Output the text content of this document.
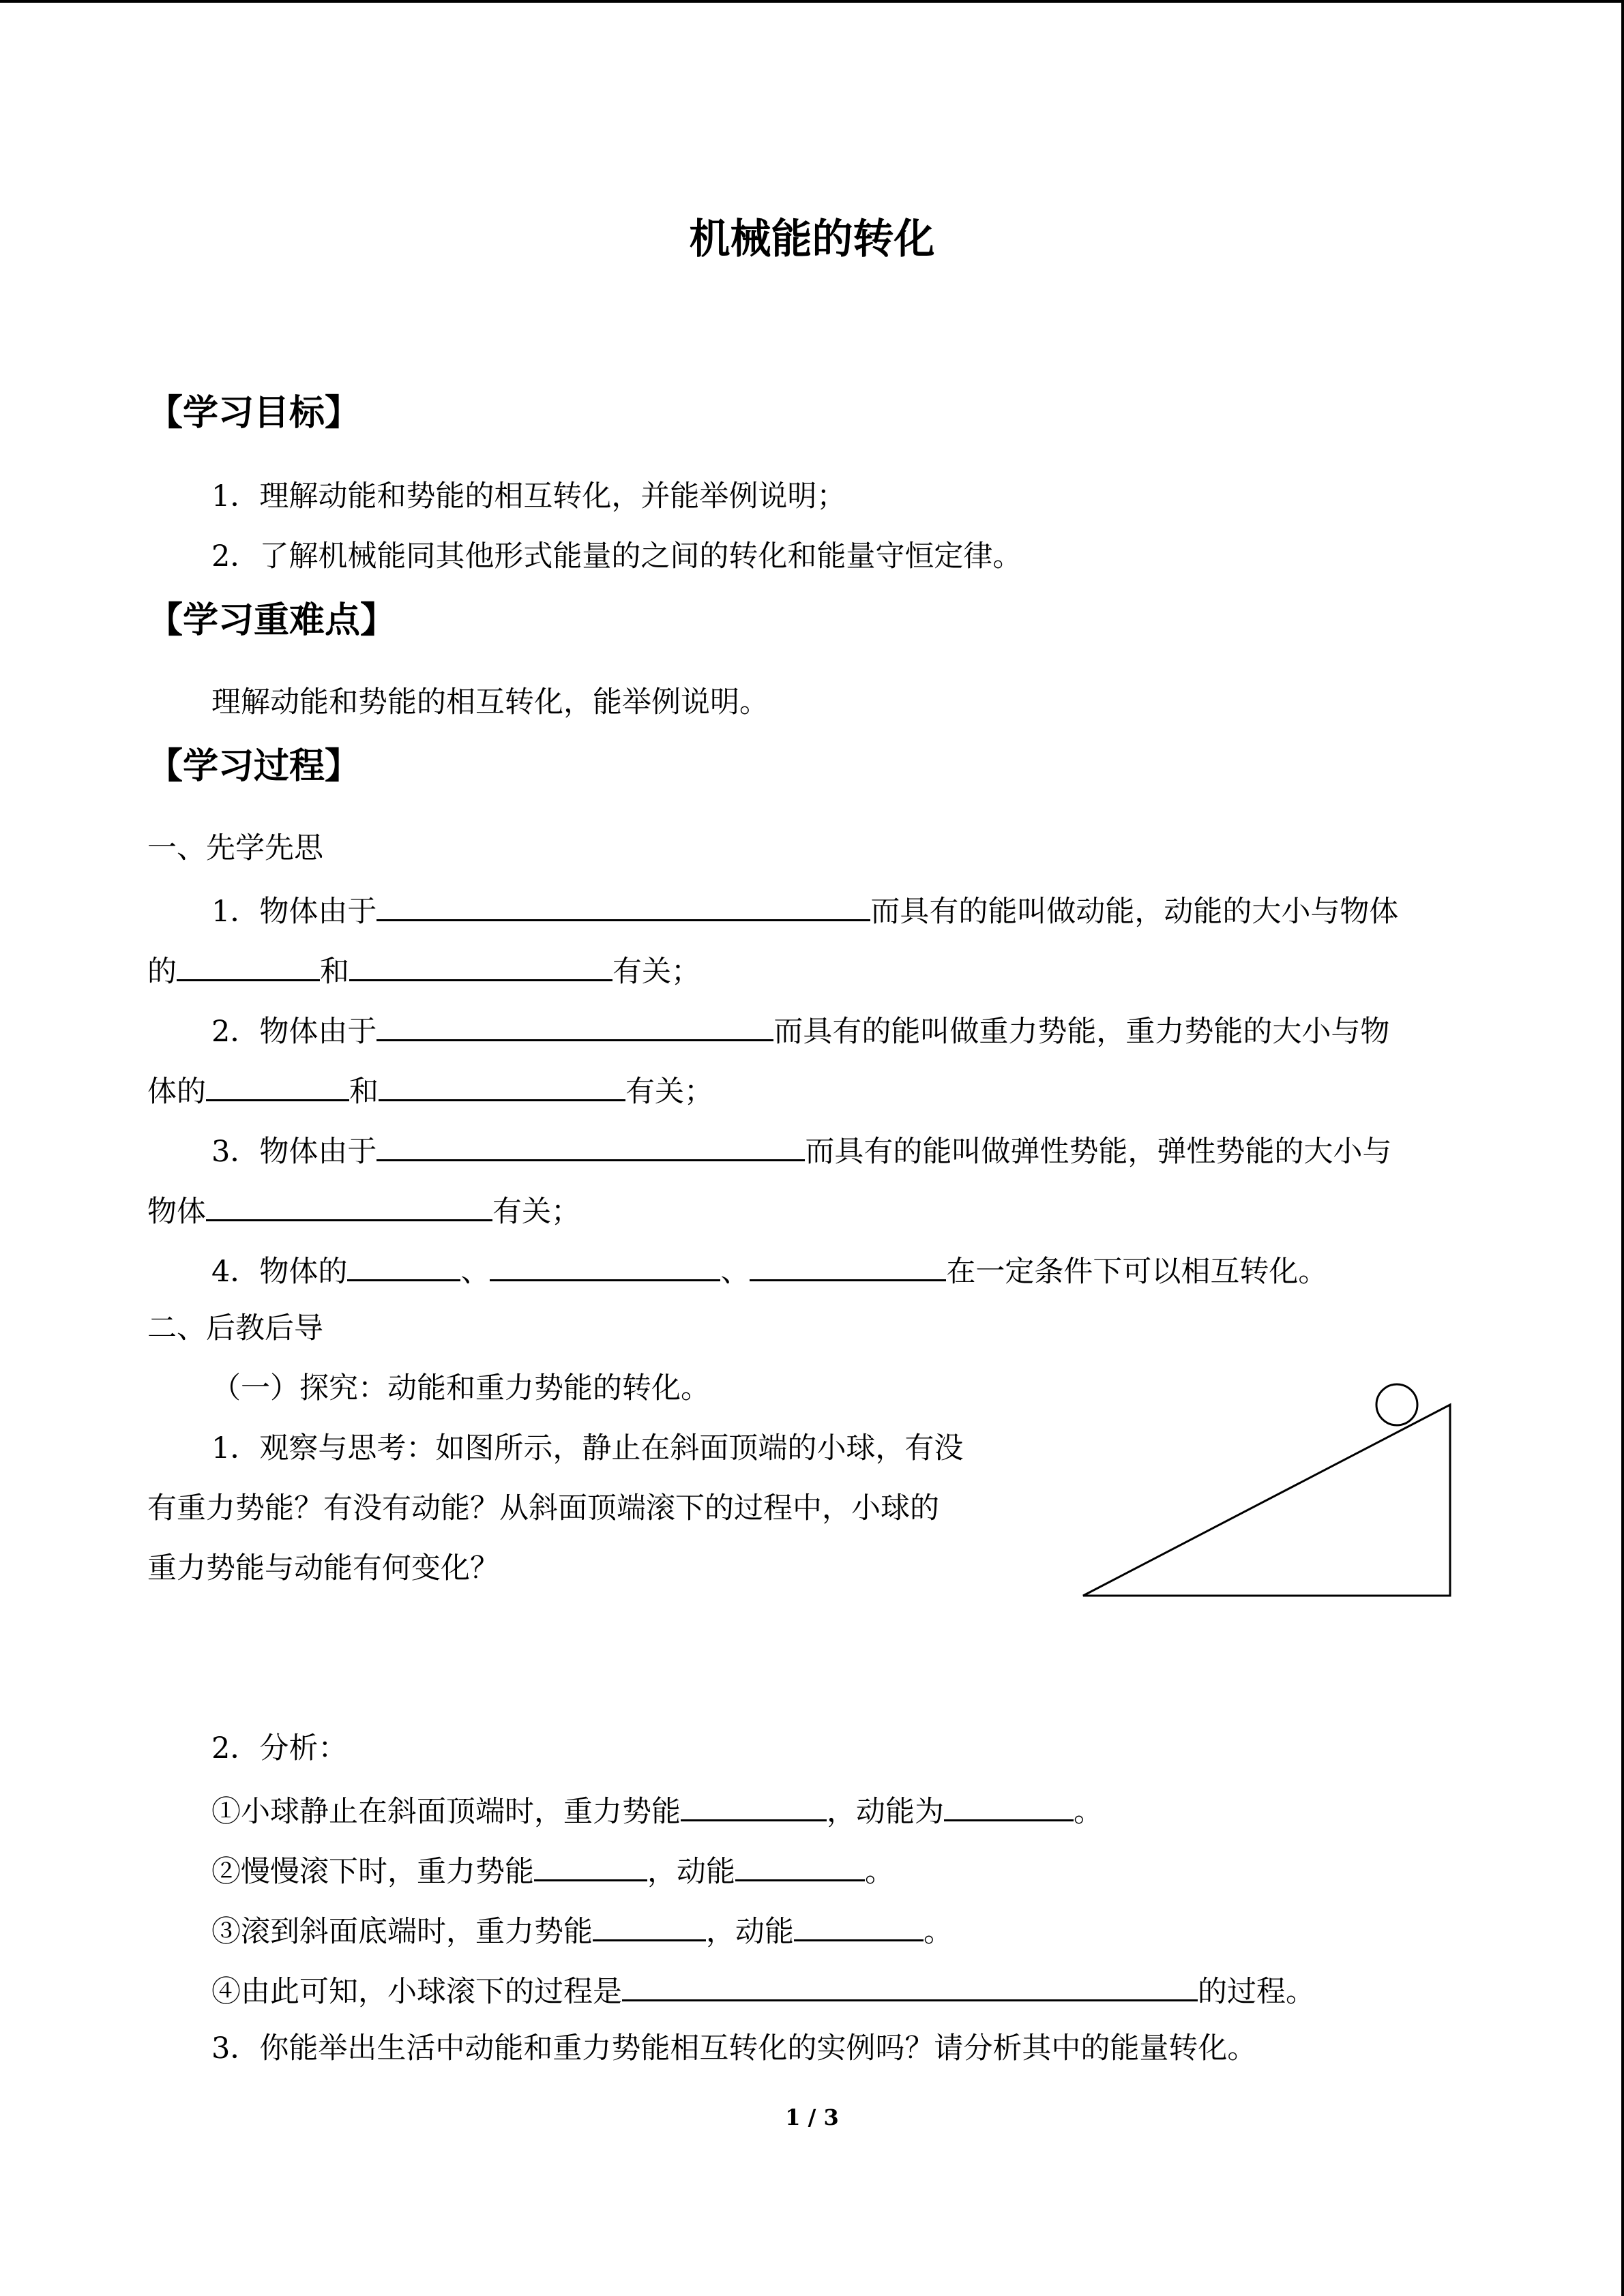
机械能的转化
【学习目标】
1．理解动能和势能的相互转化，并能举例说明；
2．了解机械能同其他形式能量的之间的转化和能量守恒定律。
【学习重难点】
理解动能和势能的相互转化，能举例说明。
【学习过程】
一、先学先思
1．物体由于	而具有的能叫做动能，动能的大小与物体
的	和	有关；
2．物体由于	而具有的能叫做重力势能，重力势能的大小与物
体的	和	有关；
3．物体由于	而具有的能叫做弹性势能，弹性势能的大小与
物体	有关；
4．物体的	、	、	在一定条件下可以相互转化。
二、后教后导
（一）探究：动能和重力势能的转化。
1．观察与思考：如图所示，静止在斜面顶端的小球，有没
有重力势能？有没有动能？从斜面顶端滚下的过程中，小球的
重力势能与动能有何变化？
2．分析：
①小球静止在斜面顶端时，重力势能	，动能为	。
②慢慢滚下时，重力势能	，动能	。
③滚到斜面底端时，重力势能	，动能	。
④由此可知，小球滚下的过程是	的过程。
3．你能举出生活中动能和重力势能相互转化的实例吗？请分析其中的能量转化。
1 / 3
